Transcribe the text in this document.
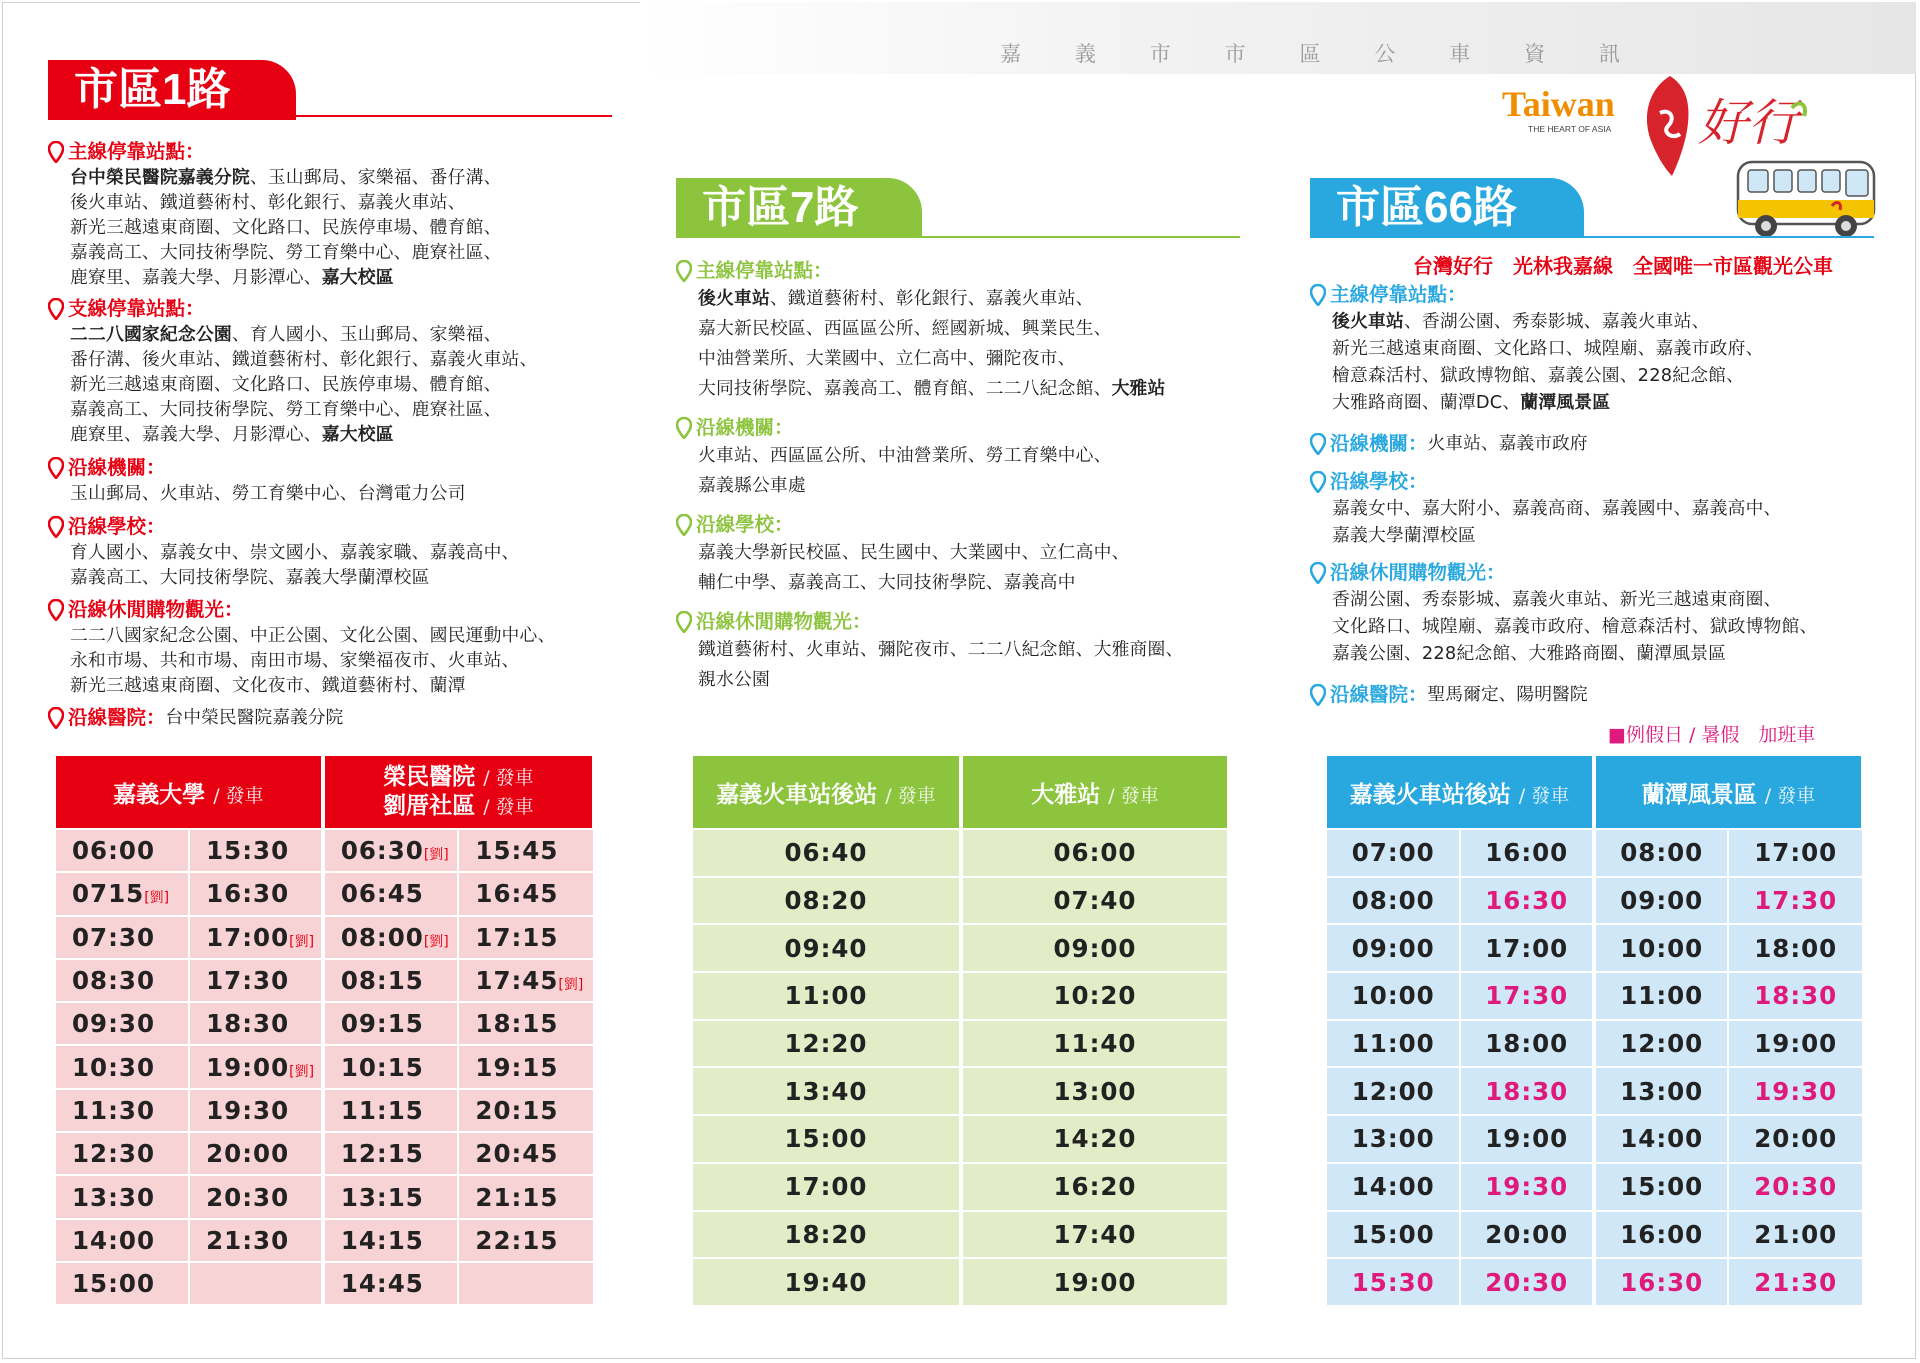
嘉	義	市	市	區	公	車	資	訊
Taiwan
THE HEART OF ASIA 好行
市區1路
主線停靠站點：
台中榮民醫院嘉義分院、玉山郵局、家樂福、番仔溝、
後火車站、鐵道藝術村、彰化銀行、嘉義火車站、
新光三越遠東商圈、文化路口、民族停車場、體育館、
嘉義高工、大同技術學院、勞工育樂中心、鹿寮社區、
鹿寮里、嘉義大學、月影潭心、嘉大校區
支線停靠站點：
二二八國家紀念公園、育人國小、玉山郵局、家樂福、
番仔溝、後火車站、鐵道藝術村、彰化銀行、嘉義火車站、
新光三越遠東商圈、文化路口、民族停車場、體育館、
嘉義高工、大同技術學院、勞工育樂中心、鹿寮社區、
鹿寮里、嘉義大學、月影潭心、嘉大校區
沿線機關：
玉山郵局、火車站、勞工育樂中心、台灣電力公司
沿線學校：
育人國小、嘉義女中、崇文國小、嘉義家職、嘉義高中、
嘉義高工、大同技術學院、嘉義大學蘭潭校區
沿線休閒購物觀光：
二二八國家紀念公園、中正公園、文化公園、國民運動中心、
永和市場、共和市場、南田市場、家樂福夜市、火車站、
新光三越遠東商圈、文化夜市、鐵道藝術村、蘭潭
沿線醫院： 台中榮民醫院嘉義分院
嘉義大學 / 發車		榮民醫院 / 發車
劉厝社區 / 發車	
06:00	15:30	06:30[劉]	15:45
0715[劉]	16:30	06:45	16:45
07:30	17:00[劉]	08:00[劉]	17:15
08:30	17:30	08:15	17:45[劉]
09:30	18:30	09:15	18:15
10:30	19:00[劉]	10:15	19:15
11:30	19:30	11:15	20:15
12:30	20:00	12:15	20:45
13:30	20:30	13:15	21:15
14:00	21:30	14:15	22:15
15:00		14:45	
市區7路
主線停靠站點：
後火車站、鐵道藝術村、彰化銀行、嘉義火車站、
嘉大新民校區、西區區公所、經國新城、興業民生、
中油營業所、大業國中、立仁高中、彌陀夜市、
大同技術學院、嘉義高工、體育館、二二八紀念館、大雅站
沿線機關：
火車站、西區區公所、中油營業所、勞工育樂中心、
嘉義縣公車處
沿線學校：
嘉義大學新民校區、民生國中、大業國中、立仁高中、
輔仁中學、嘉義高工、大同技術學院、嘉義高中
沿線休閒購物觀光：
鐵道藝術村、火車站、彌陀夜市、二二八紀念館、大雅商圈、
親水公園
嘉義火車站後站 / 發車	大雅站 / 發車
06:40	06:00
08:20	07:40
09:40	09:00
11:00	10:20
12:20	11:40
13:40	13:00
15:00	14:20
17:00	16:20
18:20	17:40
19:40	19:00
市區66路
台灣好行　光林我嘉線　全國唯一市區觀光公車
主線停靠站點：
後火車站、香湖公園、秀泰影城、嘉義火車站、
新光三越遠東商圈、文化路口、城隍廟、嘉義市政府、
檜意森活村、獄政博物館、嘉義公園、228紀念館、
大雅路商圈、蘭潭DC、蘭潭風景區
沿線機關： 火車站、嘉義市政府
沿線學校：
嘉義女中、嘉大附小、嘉義高商、嘉義國中、嘉義高中、
嘉義大學蘭潭校區
沿線休閒購物觀光：
香湖公園、秀泰影城、嘉義火車站、新光三越遠東商圈、
文化路口、城隍廟、嘉義市政府、檜意森活村、獄政博物館、
嘉義公園、228紀念館、大雅路商圈、蘭潭風景區
沿線醫院： 聖馬爾定、陽明醫院
■例假日 / 暑假　加班車
嘉義火車站後站 / 發車		蘭潭風景區 / 發車	
07:00	16:00	08:00	17:00
08:00	16:30	09:00	17:30
09:00	17:00	10:00	18:00
10:00	17:30	11:00	18:30
11:00	18:00	12:00	19:00
12:00	18:30	13:00	19:30
13:00	19:00	14:00	20:00
14:00	19:30	15:00	20:30
15:00	20:00	16:00	21:00
15:30	20:30	16:30	21:30
